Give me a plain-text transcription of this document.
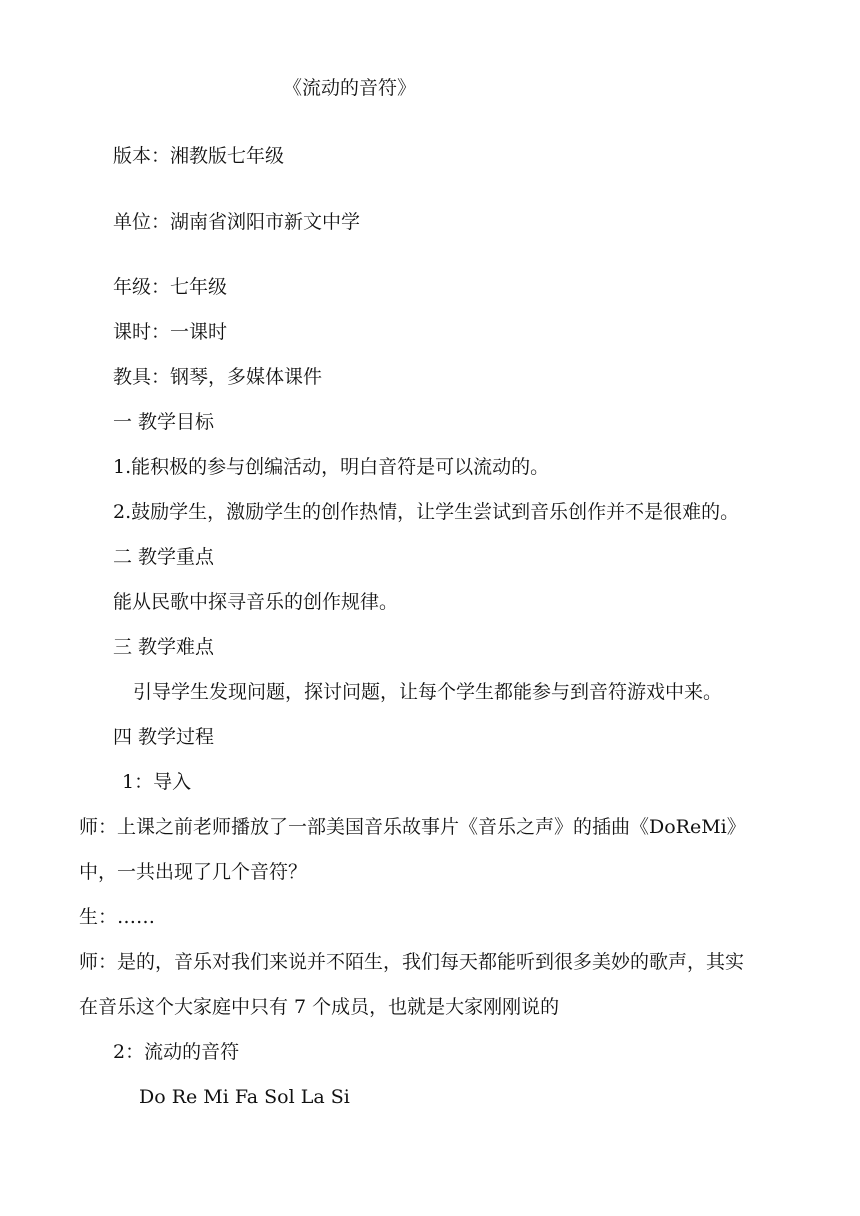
《流动的音符》
版本：湘教版七年级
单位：湖南省浏阳市新文中学
年级：七年级
课时：一课时
教具：钢琴，多媒体课件
一 教学目标
1.能积极的参与创编活动，明白音符是可以流动的。
2.鼓励学生，激励学生的创作热情，让学生尝试到音乐创作并不是很难的。
二 教学重点
能从民歌中探寻音乐的创作规律。
三 教学难点
引导学生发现问题，探讨问题，让每个学生都能参与到音符游戏中来。
四 教学过程
1：导入
师：上课之前老师播放了一部美国音乐故事片《音乐之声》的插曲《DoReMi》
中，一共出现了几个音符？
生：……
师：是的，音乐对我们来说并不陌生，我们每天都能听到很多美妙的歌声，其实
在音乐这个大家庭中只有 7 个成员，也就是大家刚刚说的
2：流动的音符
Do Re Mi Fa Sol La Si
